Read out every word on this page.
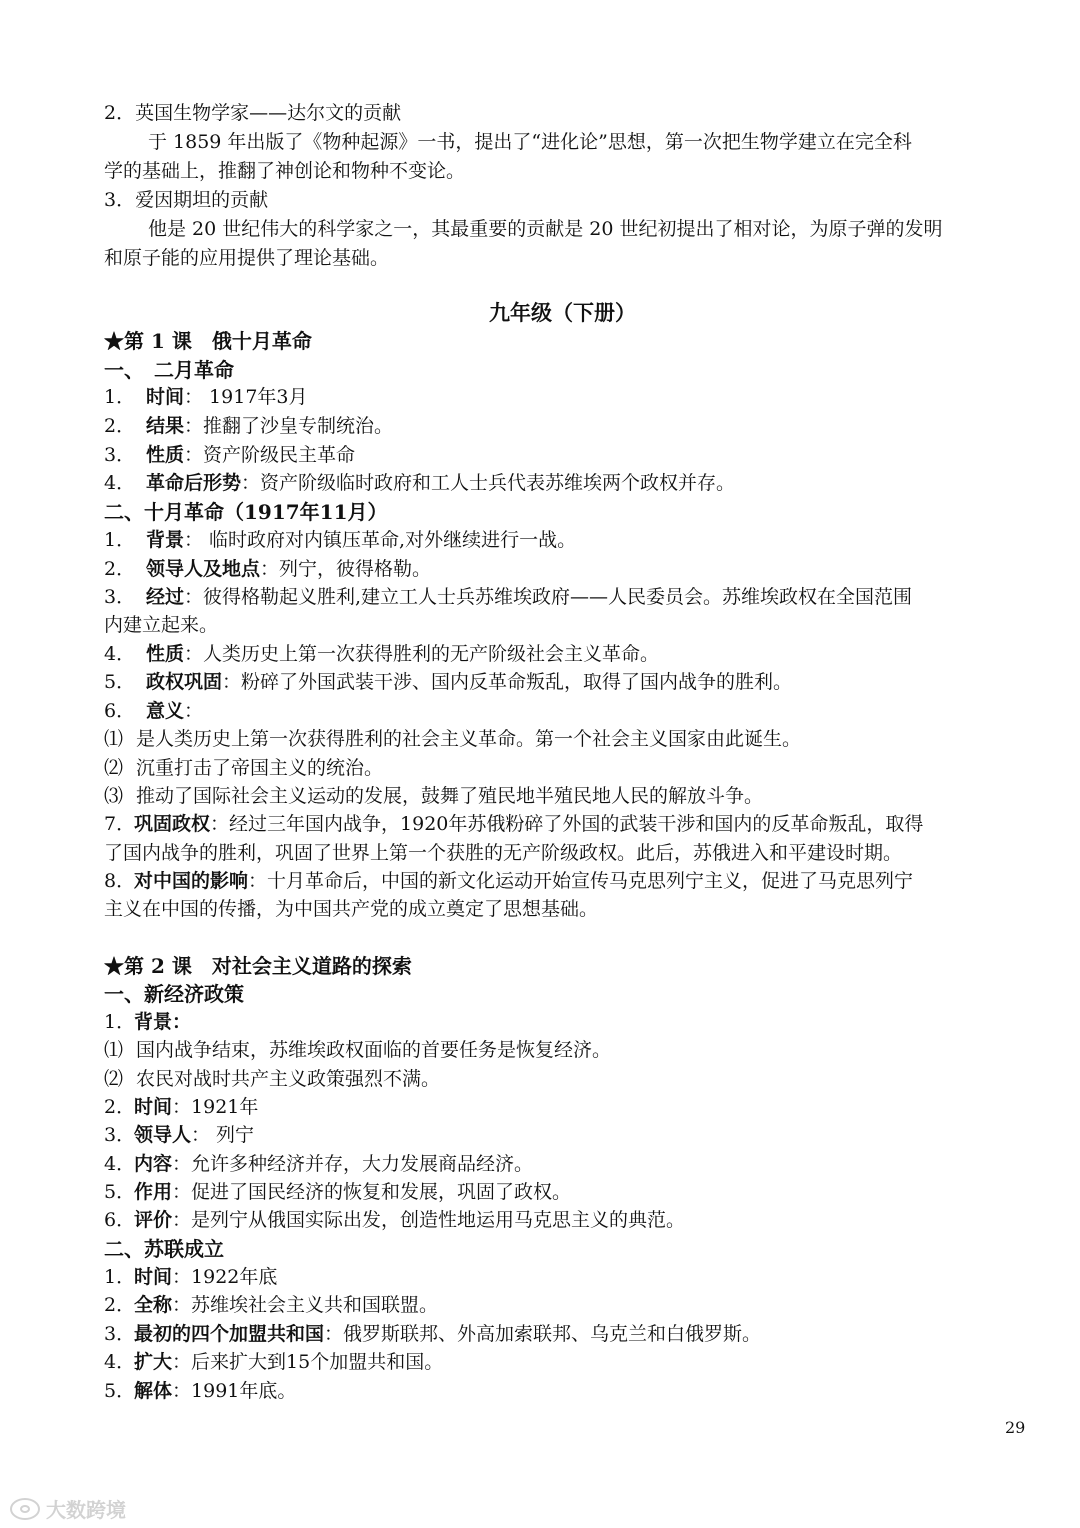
2．英国生物学家——达尔文的贡献
于 1859 年出版了《物种起源》一书，提出了“进化论”思想，第一次把生物学建立在完全科
学的基础上，推翻了神创论和物种不变论。
3．爱因期坦的贡献
他是 20 世纪伟大的科学家之一，其最重要的贡献是 20 世纪初提出了相对论，为原子弹的发明
和原子能的应用提供了理论基础。
九年级（下册）
★第 1 课　俄十月革命
一、　二月革命
1． 时间： 1917年3月
2． 结果：推翻了沙皇专制统治。
3． 性质：资产阶级民主革命
4． 革命后形势：资产阶级临时政府和工人士兵代表苏维埃两个政权并存。
二、十月革命（1917年11月）
1． 背景： 临时政府对内镇压革命,对外继续进行一战。
2． 领导人及地点：列宁，彼得格勒。
3． 经过：彼得格勒起义胜利,建立工人士兵苏维埃政府——人民委员会。苏维埃政权在全国范围
内建立起来。
4． 性质：人类历史上第一次获得胜利的无产阶级社会主义革命。
5． 政权巩固：粉碎了外国武装干涉、国内反革命叛乱，取得了国内战争的胜利。
6． 意义：
⑴ 是人类历史上第一次获得胜利的社会主义革命。第一个社会主义国家由此诞生。
⑵ 沉重打击了帝国主义的统治。
⑶ 推动了国际社会主义运动的发展，鼓舞了殖民地半殖民地人民的解放斗争。
7．巩固政权：经过三年国内战争，1920年苏俄粉碎了外国的武装干涉和国内的反革命叛乱，取得
了国内战争的胜利，巩固了世界上第一个获胜的无产阶级政权。此后，苏俄进入和平建设时期。
8．对中国的影响：十月革命后，中国的新文化运动开始宣传马克思列宁主义，促进了马克思列宁
主义在中国的传播，为中国共产党的成立奠定了思想基础。
★第 2 课　对社会主义道路的探索
一、新经济政策
1．背景：
⑴ 国内战争结束，苏维埃政权面临的首要任务是恢复经济。
⑵ 农民对战时共产主义政策强烈不满。
2．时间：1921年
3．领导人： 列宁
4．内容：允许多种经济并存，大力发展商品经济。
5．作用：促进了国民经济的恢复和发展，巩固了政权。
6．评价：是列宁从俄国实际出发，创造性地运用马克思主义的典范。
二、苏联成立
1．时间：1922年底
2．全称：苏维埃社会主义共和国联盟。
3．最初的四个加盟共和国：俄罗斯联邦、外高加索联邦、乌克兰和白俄罗斯。
4．扩大：后来扩大到15个加盟共和国。
5．解体：1991年底。
29
大数跨境
